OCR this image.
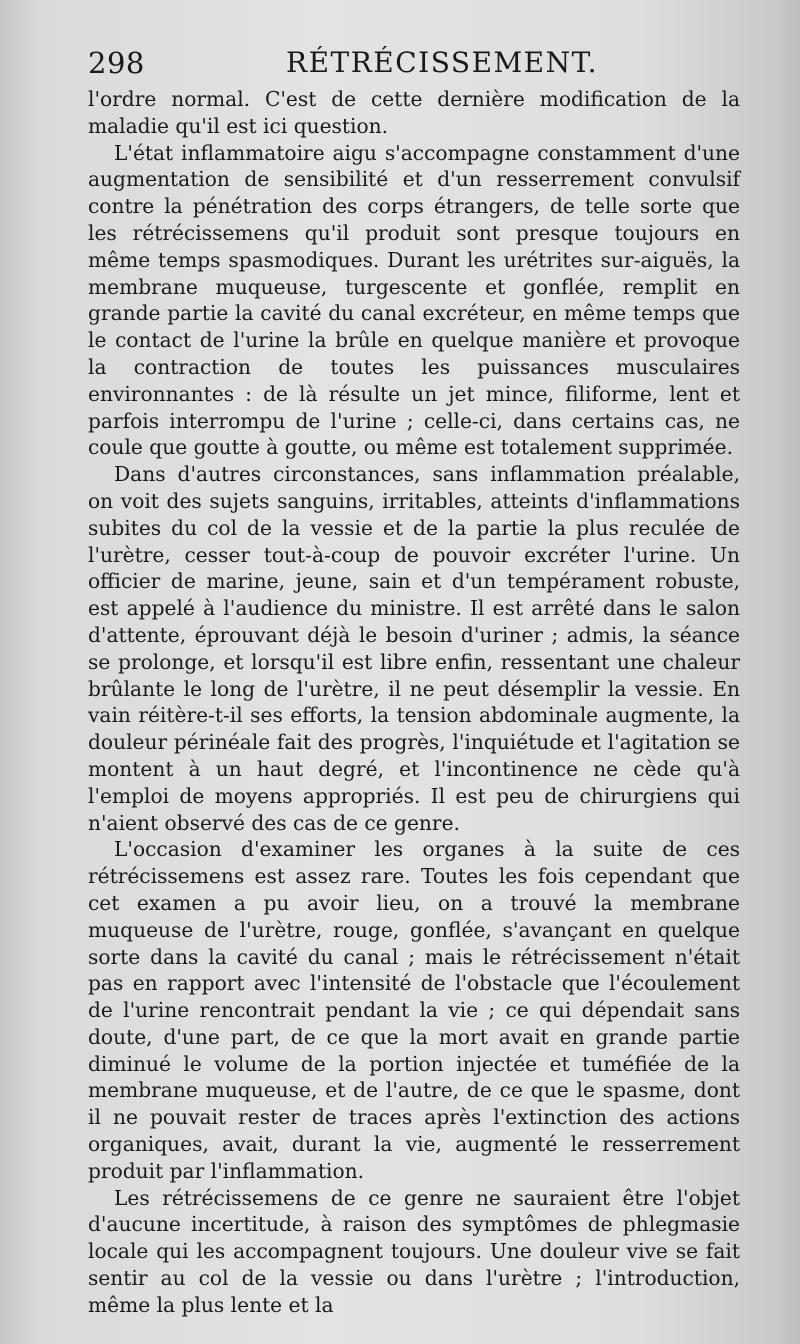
298	RÉTRÉCISSEMENT.

l'ordre normal. C'est de cette dernière modification de la maladie qu'il est ici question.

L'état inflammatoire aigu s'accompagne constamment d'une augmentation de sensibilité et d'un resserrement convulsif contre la pénétration des corps étrangers, de telle sorte que les rétrécissemens qu'il produit sont presque toujours en même temps spasmodiques. Durant les urétrites sur-aiguës, la membrane muqueuse, turgescente et gonflée, remplit en grande partie la cavité du canal excréteur, en même temps que le contact de l'urine la brûle en quelque manière et provoque la contraction de toutes les puissances musculaires environnantes : de là résulte un jet mince, filiforme, lent et parfois interrompu de l'urine ; celle-ci, dans certains cas, ne coule que goutte à goutte, ou même est totalement supprimée.

Dans d'autres circonstances, sans inflammation préalable, on voit des sujets sanguins, irritables, atteints d'inflammations subites du col de la vessie et de la partie la plus reculée de l'urètre, cesser tout-à-coup de pouvoir excréter l'urine. Un officier de marine, jeune, sain et d'un tempérament robuste, est appelé à l'audience du ministre. Il est arrêté dans le salon d'attente, éprouvant déjà le besoin d'uriner ; admis, la séance se prolonge, et lorsqu'il est libre enfin, ressentant une chaleur brûlante le long de l'urètre, il ne peut désemplir la vessie. En vain réitère-t-il ses efforts, la tension abdominale augmente, la douleur périnéale fait des progrès, l'inquiétude et l'agitation se montent à un haut degré, et l'incontinence ne cède qu'à l'emploi de moyens appropriés. Il est peu de chirurgiens qui n'aient observé des cas de ce genre.

L'occasion d'examiner les organes à la suite de ces rétrécissemens est assez rare. Toutes les fois cependant que cet examen a pu avoir lieu, on a trouvé la membrane muqueuse de l'urètre, rouge, gonflée, s'avançant en quelque sorte dans la cavité du canal ; mais le rétrécissement n'était pas en rapport avec l'intensité de l'obstacle que l'écoulement de l'urine rencontrait pendant la vie ; ce qui dépendait sans doute, d'une part, de ce que la mort avait en grande partie diminué le volume de la portion injectée et tuméfiée de la membrane muqueuse, et de l'autre, de ce que le spasme, dont il ne pouvait rester de traces après l'extinction des actions organiques, avait, durant la vie, augmenté le resserrement produit par l'inflammation.

Les rétrécissemens de ce genre ne sauraient être l'objet d'aucune incertitude, à raison des symptômes de phlegmasie locale qui les accompagnent toujours. Une douleur vive se fait sentir au col de la vessie ou dans l'urètre ; l'introduction, même la plus lente et la
